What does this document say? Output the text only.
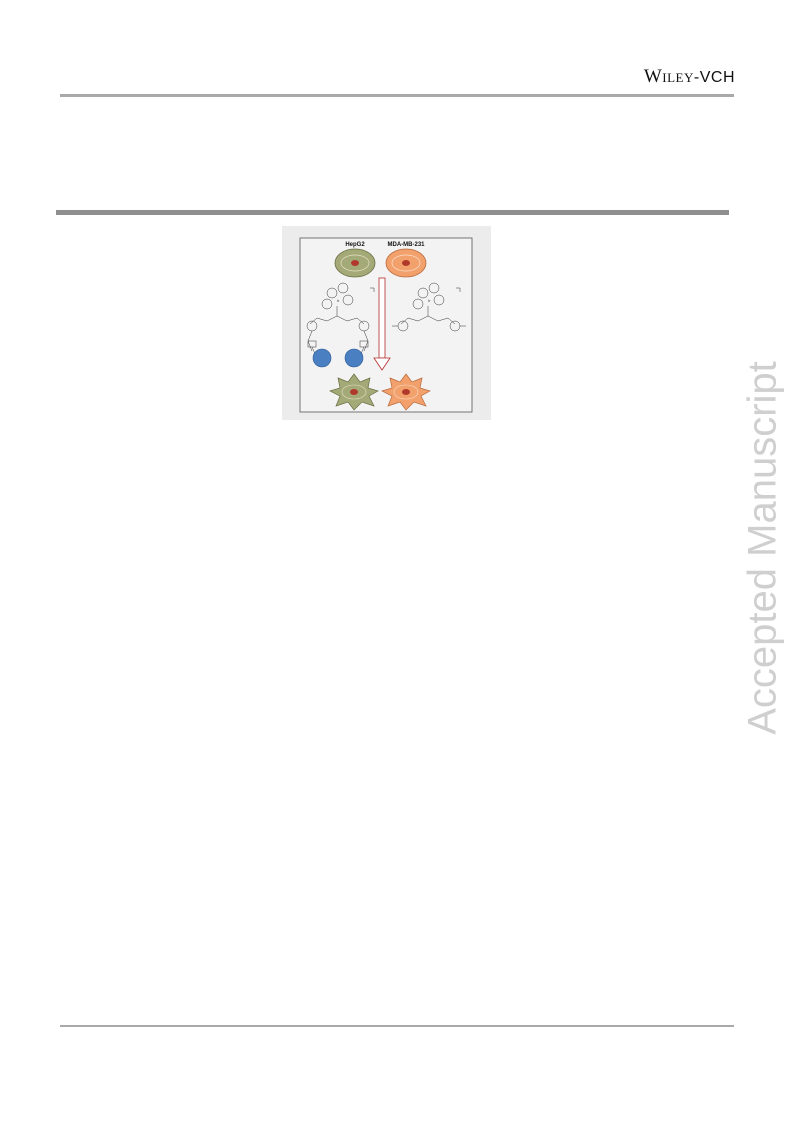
Wiley-VCH
Accepted Manuscript
HepG2	MDA-MB-231
Ir	Ir
